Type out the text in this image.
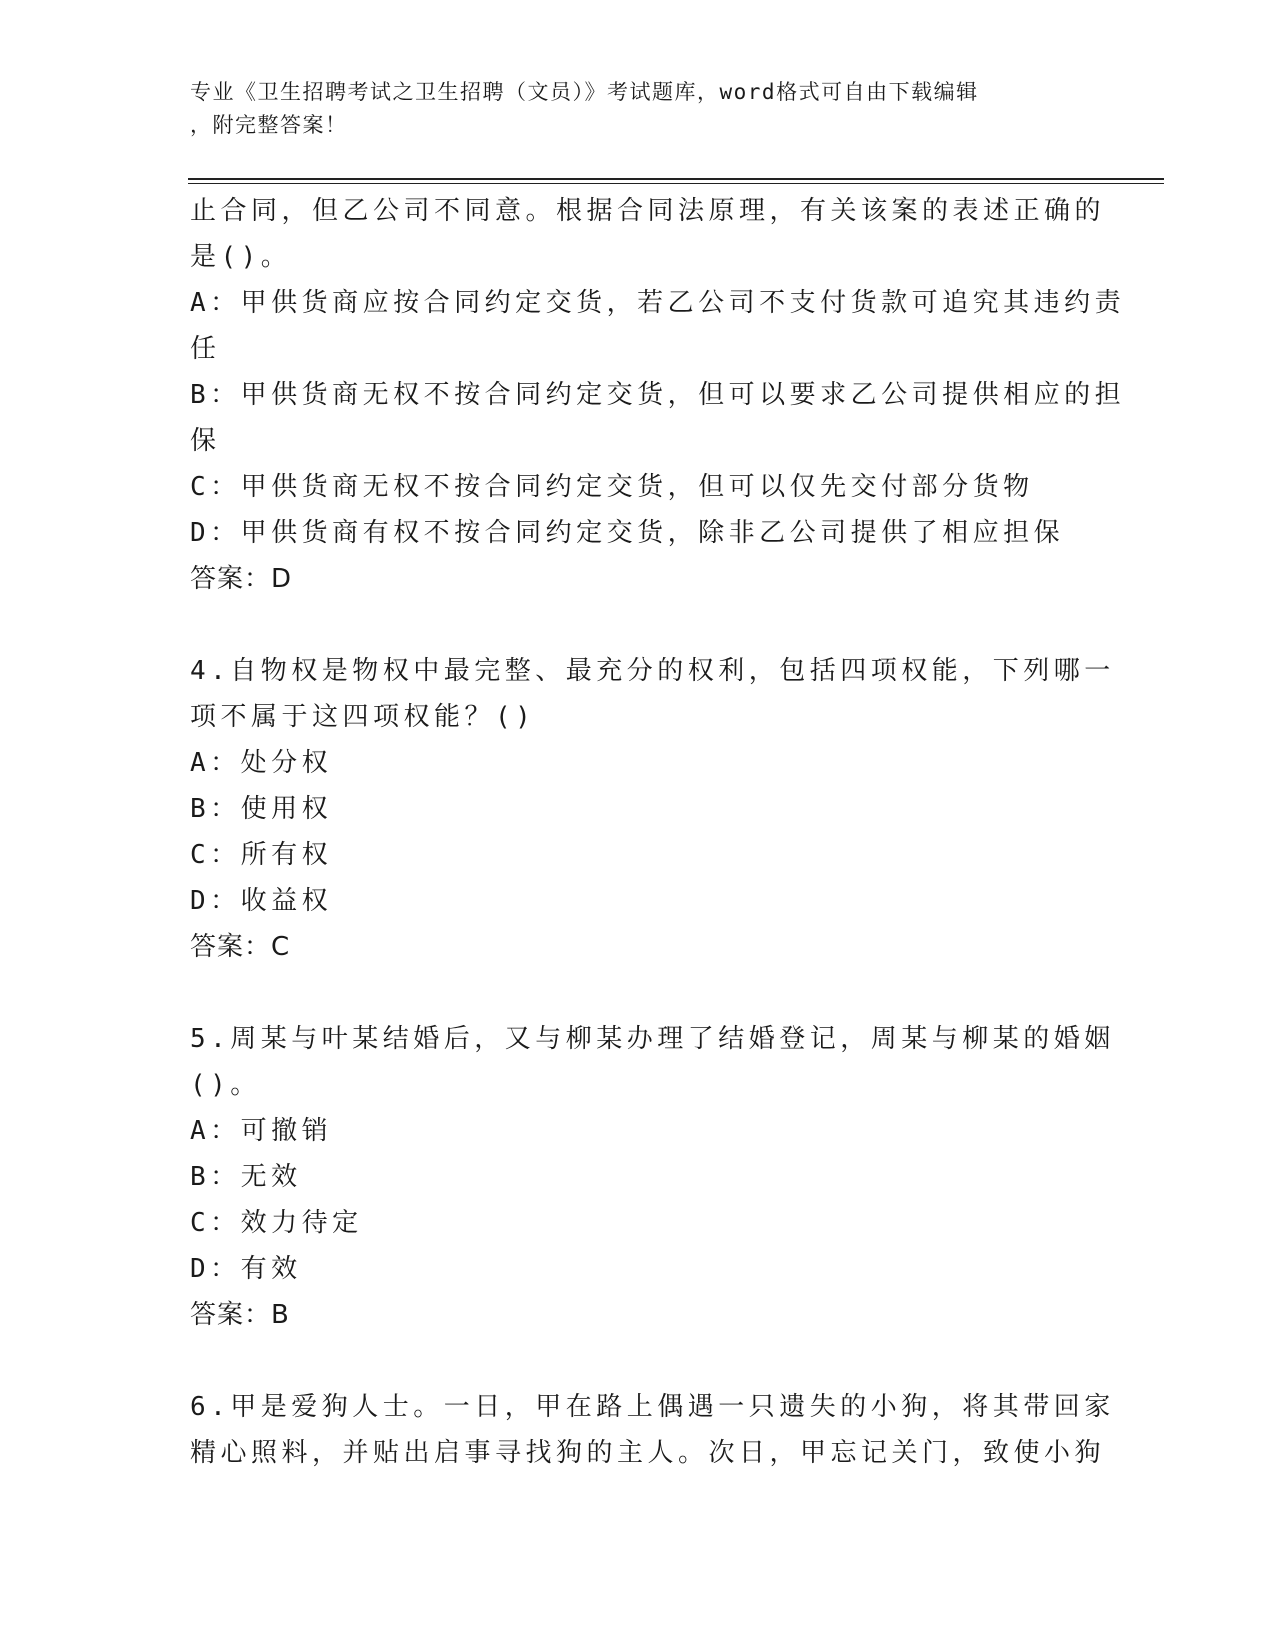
专业《卫生招聘考试之卫生招聘（文员）》考试题库，word格式可自由下载编辑
，附完整答案！
止合同，但乙公司不同意。根据合同法原理，有关该案的表述正确的
是()。
A：甲供货商应按合同约定交货，若乙公司不支付货款可追究其违约责
任
B：甲供货商无权不按合同约定交货，但可以要求乙公司提供相应的担
保
C：甲供货商无权不按合同约定交货，但可以仅先交付部分货物
D：甲供货商有权不按合同约定交货，除非乙公司提供了相应担保
答案：D
4.自物权是物权中最完整、最充分的权利，包括四项权能，下列哪一
项不属于这四项权能？()
A：处分权
B：使用权
C：所有权
D：收益权
答案：C
5.周某与叶某结婚后，又与柳某办理了结婚登记，周某与柳某的婚姻
()。
A：可撤销
B：无效
C：效力待定
D：有效
答案：B
6.甲是爱狗人士。一日，甲在路上偶遇一只遗失的小狗，将其带回家
精心照料，并贴出启事寻找狗的主人。次日，甲忘记关门，致使小狗
